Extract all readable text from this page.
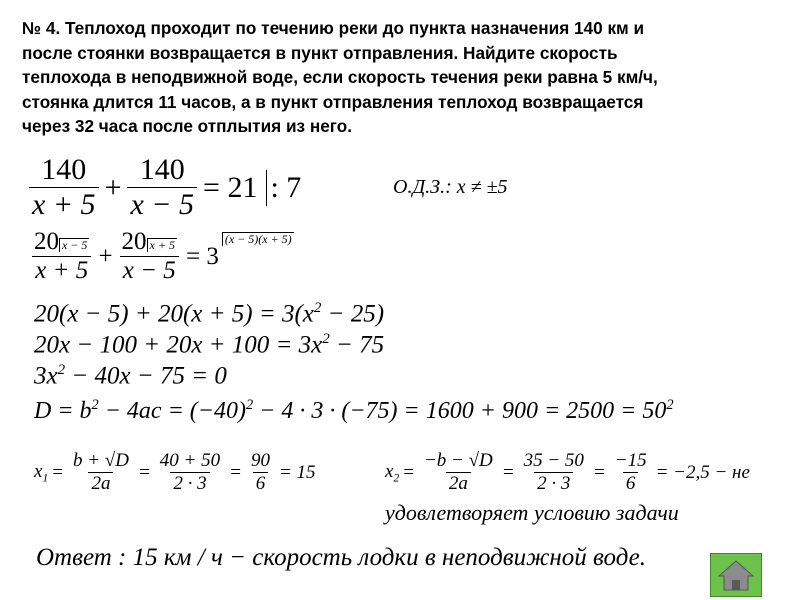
№ 4. Теплоход проходит по течению реки до пункта назначения 140 км и
после стоянки возвращается в пункт отправления. Найдите скорость
теплохода в неподвижной воде, если скорость течения реки равна 5 км/ч,
стоянка длится 11 часов, а в пункт отправления теплоход возвращается
через 32 часа после отплытия из него.
$\frac{140}{x + 5} + \frac{140}{x - 5} = 21$ : 7	О.Д.З.: x ≠ ±5
$\frac{20 x - 5}{x + 5} + \frac{20 x + 5}{x - 5} = 3(x - 5)(x + 5)$
$20(x - 5) + 20(x + 5) = 3(x^2 - 25)$
$20x - 100 + 20x + 100 = 3x^2 - 75$
$3x^2 - 40x - 75 = 0$
$D = b^2 - 4ac = (-40)^2 - 4 \cdot 3 \cdot (-75) = 1600 + 900 = 2500 = 50^2$
$x_1 = \frac{b + √D}{2a} = \frac{40 + 50}{2 \cdot 3} = \frac{90}{6} = 15$	$x_2 = \frac{-b - √D}{2a} = \frac{35 - 50}{2 \cdot 3} = \frac{-15}{6} = -2,5$ − не
удовлетворяет условию задачи
Ответ : 15 км / ч − скорость лодки в неподвижной воде.
